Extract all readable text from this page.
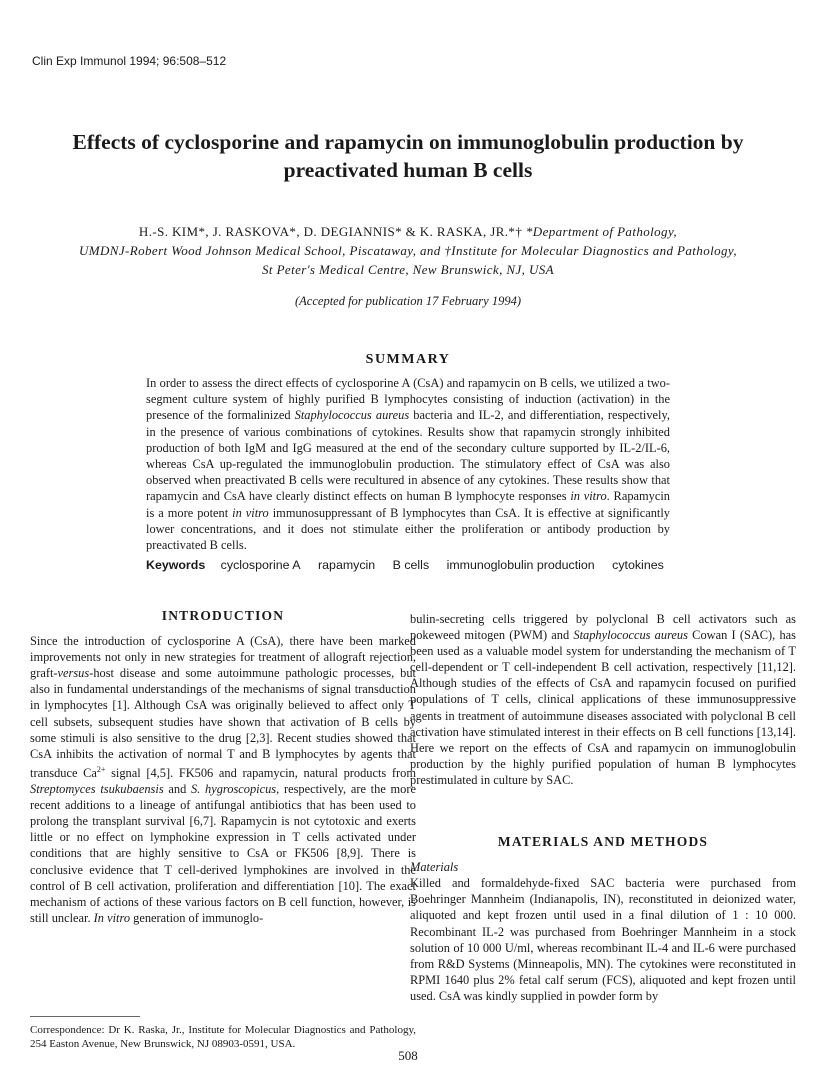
Clin Exp Immunol 1994; 96:508–512
Effects of cyclosporine and rapamycin on immunoglobulin production by preactivated human B cells
H.-S. KIM*, J. RASKOVA*, D. DEGIANNIS* & K. RASKA, JR.*† *Department of Pathology,
UMDNJ-Robert Wood Johnson Medical School, Piscataway, and †Institute for Molecular Diagnostics and Pathology,
St Peter's Medical Centre, New Brunswick, NJ, USA
(Accepted for publication 17 February 1994)
SUMMARY
In order to assess the direct effects of cyclosporine A (CsA) and rapamycin on B cells, we utilized a two-segment culture system of highly purified B lymphocytes consisting of induction (activation) in the presence of the formalinized Staphylococcus aureus bacteria and IL-2, and differentiation, respectively, in the presence of various combinations of cytokines. Results show that rapamycin strongly inhibited production of both IgM and IgG measured at the end of the secondary culture supported by IL-2/IL-6, whereas CsA up-regulated the immunoglobulin production. The stimulatory effect of CsA was also observed when preactivated B cells were recultured in absence of any cytokines. These results show that rapamycin and CsA have clearly distinct effects on human B lymphocyte responses in vitro. Rapamycin is a more potent in vitro immunosuppressant of B lymphocytes than CsA. It is effective at significantly lower concentrations, and it does not stimulate either the proliferation or antibody production by preactivated B cells.
Keywords cyclosporine A rapamycin B cells immunoglobulin production cytokines
INTRODUCTION

Since the introduction of cyclosporine A (CsA), there have been marked improvements not only in new strategies for treatment of allograft rejection, graft-versus-host disease and some autoimmune pathologic processes, but also in fundamental understandings of the mechanisms of signal transduction in lymphocytes [1]. Although CsA was originally believed to affect only T cell subsets, subsequent studies have shown that activation of B cells by some stimuli is also sensitive to the drug [2,3]. Recent studies showed that CsA inhibits the activation of normal T and B lymphocytes by agents that transduce $Ca^{2+}$ signal [4,5]. FK506 and rapamycin, natural products from Streptomyces tsukubaensis and S. hygroscopicus, respectively, are the more recent additions to a lineage of antifungal antibiotics that has been used to prolong the transplant survival [6,7]. Rapamycin is not cytotoxic and exerts little or no effect on lymphokine expression in T cells activated under conditions that are highly sensitive to CsA or FK506 [8,9]. There is conclusive evidence that T cell-derived lymphokines are involved in the control of B cell activation, proliferation and differentiation [10]. The exact mechanism of actions of these various factors on B cell function, however, is still unclear. In vitro generation of immunoglo-

bulin-secreting cells triggered by polyclonal B cell activators such as pokeweed mitogen (PWM) and Staphylococcus aureus Cowan I (SAC), has been used as a valuable model system for understanding the mechanism of T cell-dependent or T cell-independent B cell activation, respectively [11,12]. Although studies of the effects of CsA and rapamycin focused on purified populations of T cells, clinical applications of these immunosuppressive agents in treatment of autoimmune diseases associated with polyclonal B cell activation have stimulated interest in their effects on B cell functions [13,14]. Here we report on the effects of CsA and rapamycin on immunoglobulin production by the highly purified population of human B lymphocytes prestimulated in culture by SAC.

MATERIALS AND METHODS

Materials

Killed and formaldehyde-fixed SAC bacteria were purchased from Boehringer Mannheim (Indianapolis, IN), reconstituted in deionized water, aliquoted and kept frozen until used in a final dilution of 1 : 10 000. Recombinant IL-2 was purchased from Boehringer Mannheim in a stock solution of 10 000 U/ml, whereas recombinant IL-4 and IL-6 were purchased from R&D Systems (Minneapolis, MN). The cytokines were reconstituted in RPMI 1640 plus 2% fetal calf serum (FCS), aliquoted and kept frozen until used. CsA was kindly supplied in powder form by

Correspondence: Dr K. Raska, Jr., Institute for Molecular Diagnostics and Pathology, 254 Easton Avenue, New Brunswick, NJ 08903-0591, USA.
508
